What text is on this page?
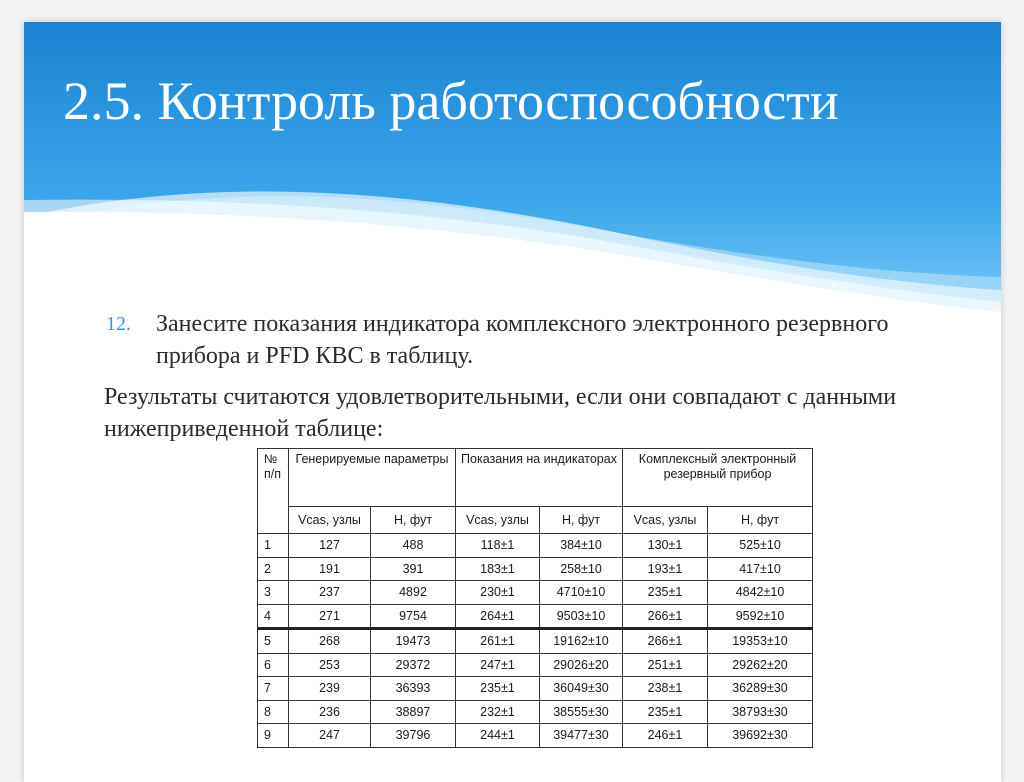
2.5. Контроль работоспособности
12. Занесите показания индикатора комплексного электронного резервного прибора и PFD КВС в таблицу.
Результаты считаются удовлетворительными, если они совпадают с данными нижеприведенной таблице:
№ п/п	Генерируемые параметры		Показания на индикаторах		Комплексный электронный резервный прибор	
	Vcas, узлы	H, фут	Vcas, узлы	H, фут	Vcas, узлы	H, фут
1	127	488	118±1	384±10	130±1	525±10
2	191	391	183±1	258±10	193±1	417±10
3	237	4892	230±1	4710±10	235±1	4842±10
4	271	9754	264±1	9503±10	266±1	9592±10
5	268	19473	261±1	19162±10	266±1	19353±10
6	253	29372	247±1	29026±20	251±1	29262±20
7	239	36393	235±1	36049±30	238±1	36289±30
8	236	38897	232±1	38555±30	235±1	38793±30
9	247	39796	244±1	39477±30	246±1	39692±30
